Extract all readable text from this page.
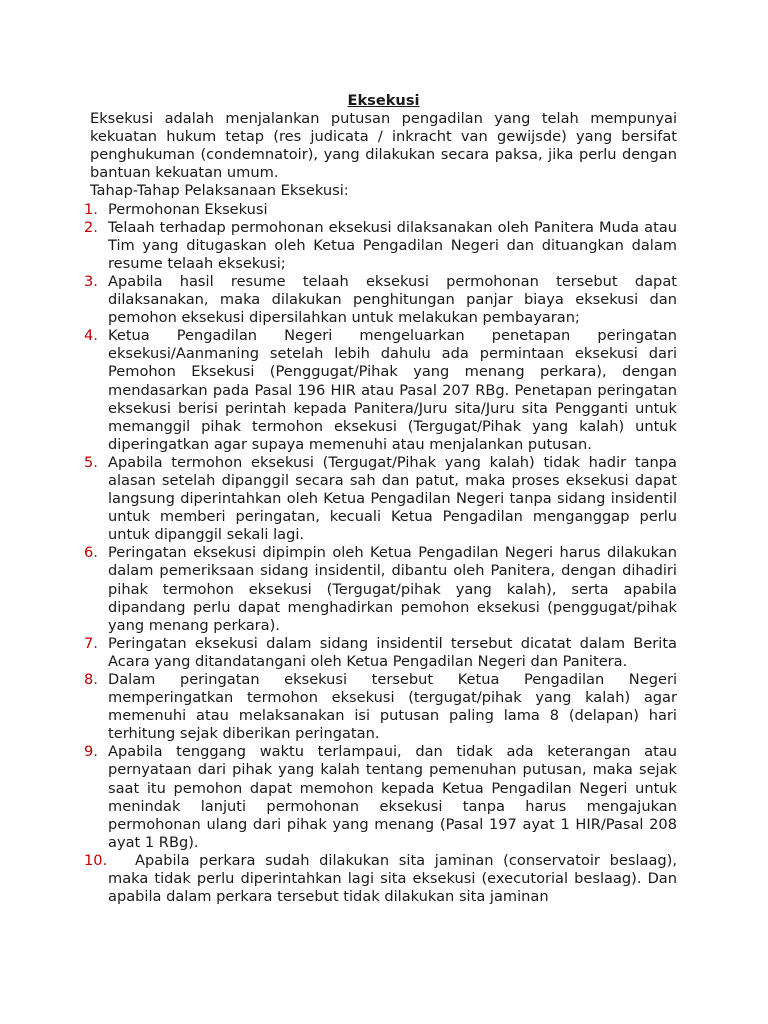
Eksekusi

Eksekusi adalah menjalankan putusan pengadilan yang telah mempunyai kekuatan hukum tetap (res judicata / inkracht van gewijsde) yang bersifat penghukuman (condemnatoir), yang dilakukan secara paksa, jika perlu dengan bantuan kekuatan umum.

Tahap-Tahap Pelaksanaan Eksekusi:

1. Permohonan Eksekusi
2. Telaah terhadap permohonan eksekusi dilaksanakan oleh Panitera Muda atau Tim yang ditugaskan oleh Ketua Pengadilan Negeri dan dituangkan dalam resume telaah eksekusi;
3. Apabila hasil resume telaah eksekusi permohonan tersebut dapat dilaksanakan, maka dilakukan penghitungan panjar biaya eksekusi dan pemohon eksekusi dipersilahkan untuk melakukan pembayaran;
4. Ketua Pengadilan Negeri mengeluarkan penetapan peringatan eksekusi/Aanmaning setelah lebih dahulu ada permintaan eksekusi dari Pemohon Eksekusi (Penggugat/Pihak yang menang perkara), dengan mendasarkan pada Pasal 196 HIR atau Pasal 207 RBg. Penetapan peringatan eksekusi berisi perintah kepada Panitera/Juru sita/Juru sita Pengganti untuk memanggil pihak termohon eksekusi (Tergugat/Pihak yang kalah) untuk diperingatkan agar supaya memenuhi atau menjalankan putusan.
5. Apabila termohon eksekusi (Tergugat/Pihak yang kalah) tidak hadir tanpa alasan setelah dipanggil secara sah dan patut, maka proses eksekusi dapat langsung diperintahkan oleh Ketua Pengadilan Negeri tanpa sidang insidentil untuk memberi peringatan, kecuali Ketua Pengadilan menganggap perlu untuk dipanggil sekali lagi.
6. Peringatan eksekusi dipimpin oleh Ketua Pengadilan Negeri harus dilakukan dalam pemeriksaan sidang insidentil, dibantu oleh Panitera, dengan dihadiri pihak termohon eksekusi (Tergugat/pihak yang kalah), serta apabila dipandang perlu dapat menghadirkan pemohon eksekusi (penggugat/pihak yang menang perkara).
7. Peringatan eksekusi dalam sidang insidentil tersebut dicatat dalam Berita Acara yang ditandatangani oleh Ketua Pengadilan Negeri dan Panitera.
8. Dalam peringatan eksekusi tersebut Ketua Pengadilan Negeri memperingatkan termohon eksekusi (tergugat/pihak yang kalah) agar memenuhi atau melaksanakan isi putusan paling lama 8 (delapan) hari terhitung sejak diberikan peringatan.
9. Apabila tenggang waktu terlampaui, dan tidak ada keterangan atau pernyataan dari pihak yang kalah tentang pemenuhan putusan, maka sejak saat itu pemohon dapat memohon kepada Ketua Pengadilan Negeri untuk menindak lanjuti permohonan eksekusi tanpa harus mengajukan permohonan ulang dari pihak yang menang (Pasal 197 ayat 1 HIR/Pasal 208 ayat 1 RBg).
10. Apabila perkara sudah dilakukan sita jaminan (conservatoir beslaag), maka tidak perlu diperintahkan lagi sita eksekusi (executorial beslaag). Dan apabila dalam perkara tersebut tidak dilakukan sita jaminan
